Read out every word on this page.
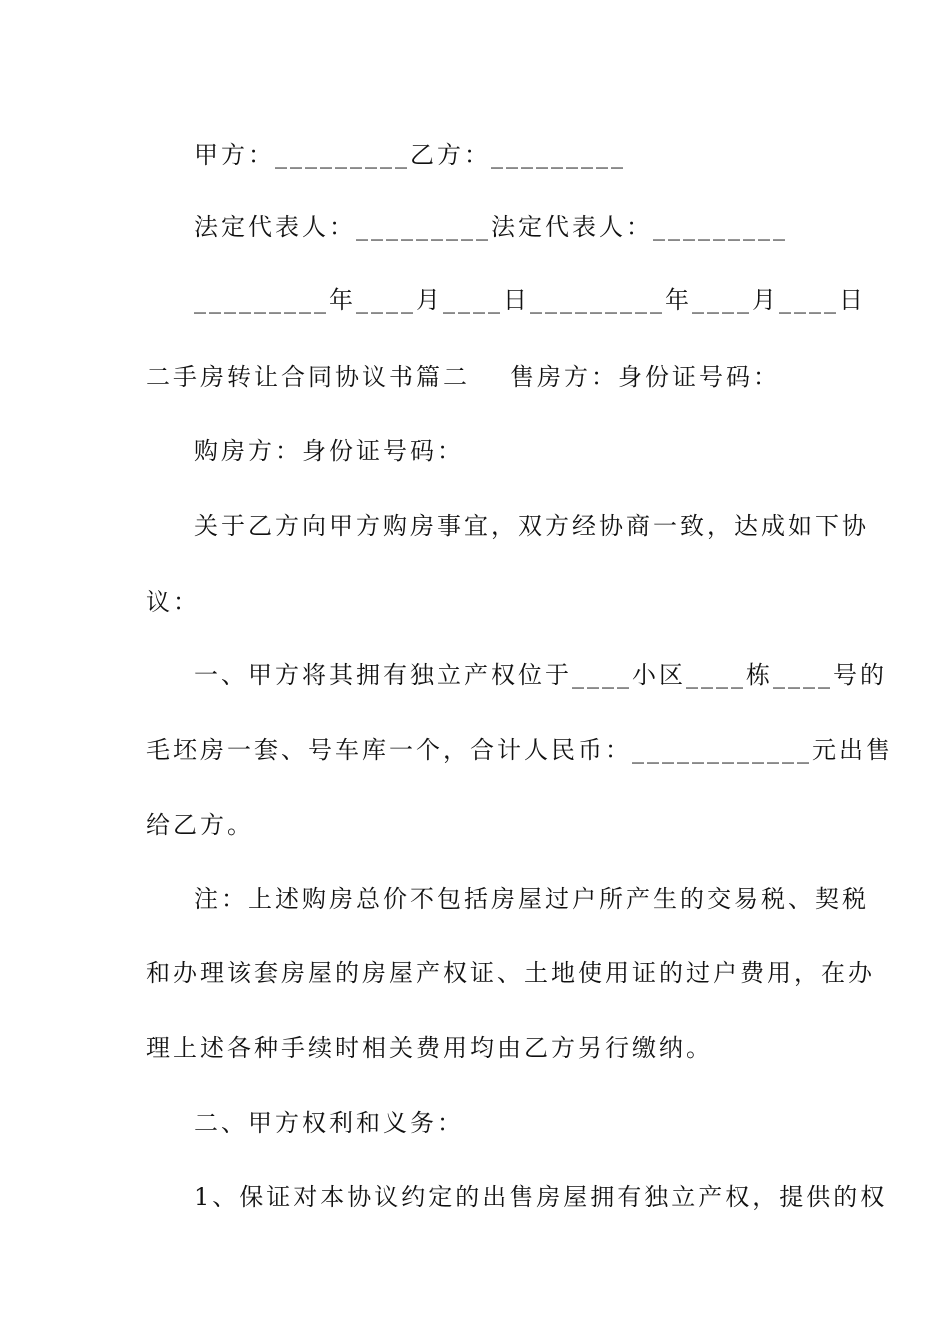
甲方：_________乙方：_________
法定代表人：_________法定代表人：_________
_________年____月____日_________年____月____日
二手房转让合同协议书篇二 售房方：身份证号码：
购房方：身份证号码：
关于乙方向甲方购房事宜，双方经协商一致，达成如下协
议：
一、甲方将其拥有独立产权位于____小区____栋____号的
毛坯房一套、号车库一个，合计人民币：____________元出售
给乙方。
注：上述购房总价不包括房屋过户所产生的交易税、契税
和办理该套房屋的房屋产权证、土地使用证的过户费用，在办
理上述各种手续时相关费用均由乙方另行缴纳。
二、甲方权利和义务：
1、保证对本协议约定的出售房屋拥有独立产权，提供的权
